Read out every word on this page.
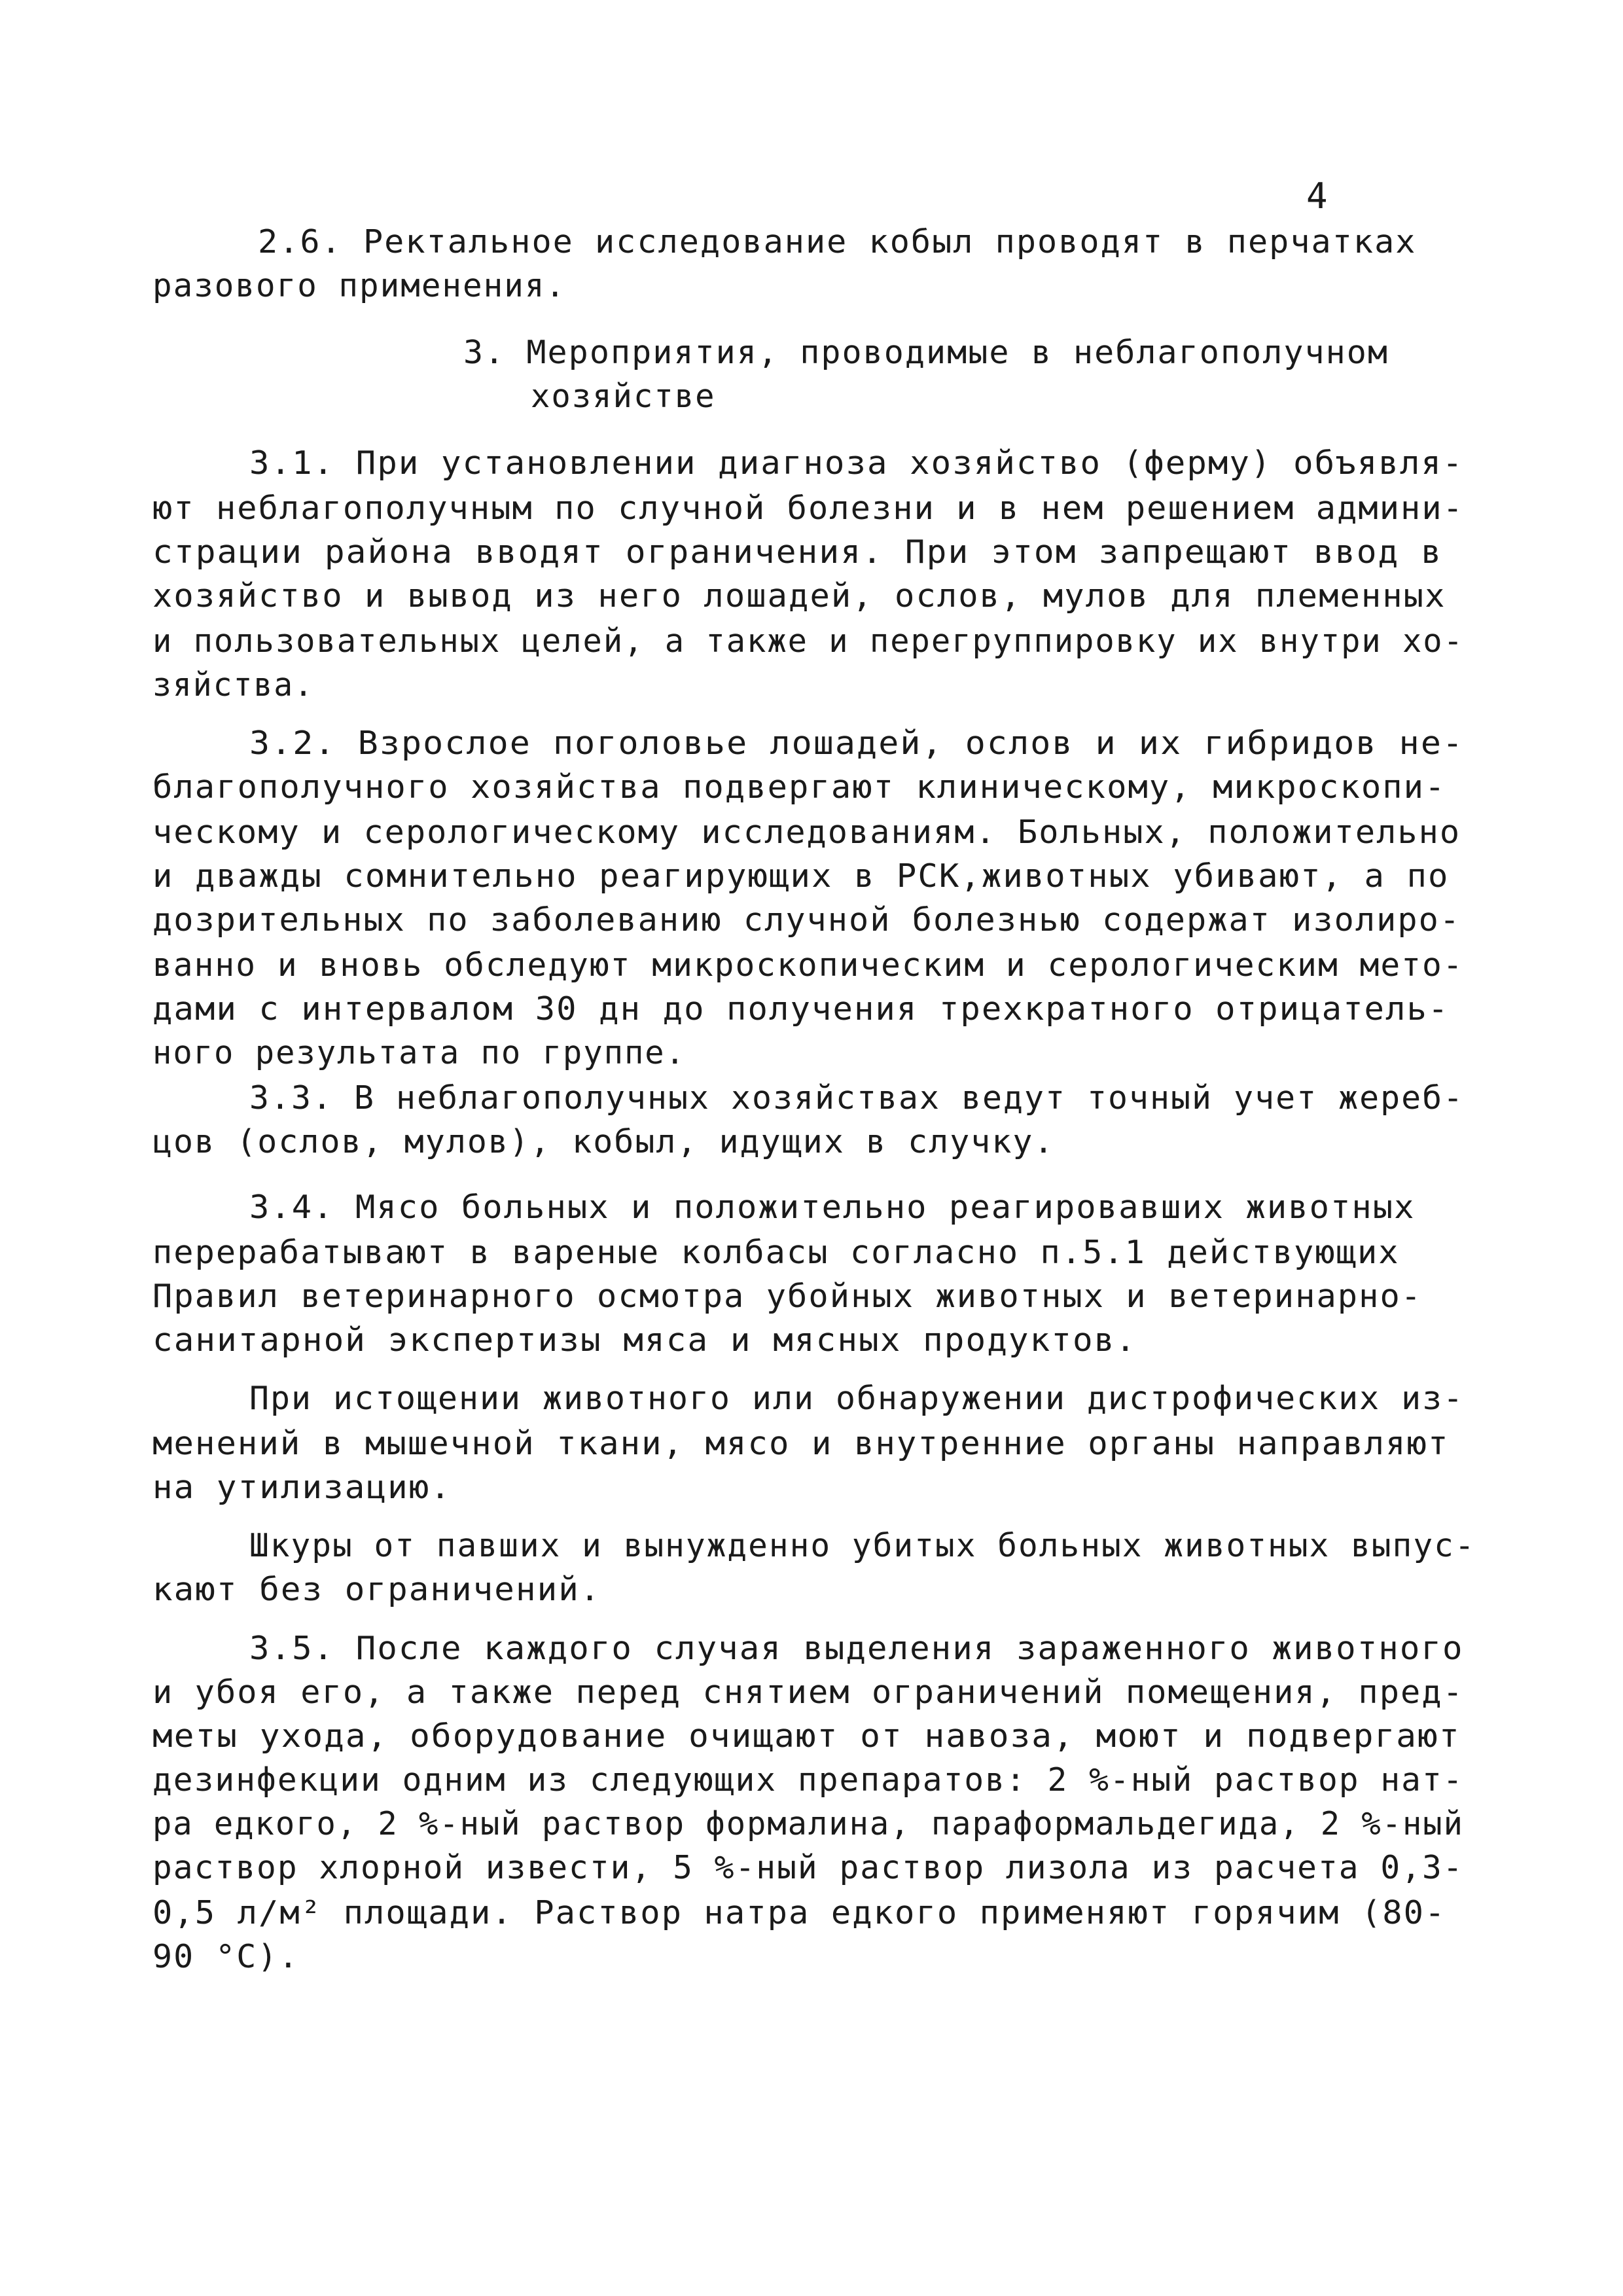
4
2.6. Ректальное исследование кобыл проводят в перчатках
разового применения.
3. Мероприятия, проводимые в неблагополучном
хозяйстве
3.1. При установлении диагноза хозяйство (ферму) объявля-
ют неблагополучным по случной болезни и в нем решением админи-
страции района вводят ограничения. При этом запрещают ввод в
хозяйство и вывод из него лошадей, ослов, мулов для племенных
и пользовательных целей, а также и перегруппировку их внутри хо-
зяйства.
3.2. Взрослое поголовье лошадей, ослов и их гибридов не-
благополучного хозяйства подвергают клиническому, микроскопи-
ческому и серологическому исследованиям. Больных, положительно
и дважды сомнительно реагирующих в РСК,животных убивают, а по
дозрительных по заболеванию случной болезнью содержат изолиро-
ванно и вновь обследуют микроскопическим и серологическим мето-
дами с интервалом 30 дн до получения трехкратного отрицатель-
ного результата по группе.
3.3. В неблагополучных хозяйствах ведут точный учет жереб-
цов (ослов, мулов), кобыл, идущих в случку.
3.4. Мясо больных и положительно реагировавших животных
перерабатывают в вареные колбасы согласно п.5.1 действующих
Правил ветеринарного осмотра убойных животных и ветеринарно-
санитарной экспертизы мяса и мясных продуктов.
При истощении животного или обнаружении дистрофических из-
менений в мышечной ткани, мясо и внутренние органы направляют
на утилизацию.
Шкуры от павших и вынужденно убитых больных животных выпус-
кают без ограничений.
3.5. После каждого случая выделения зараженного животного
и убоя его, а также перед снятием ограничений помещения, пред-
меты ухода, оборудование очищают от навоза, моют и подвергают
дезинфекции одним из следующих препаратов: 2 %-ный раствор нат-
ра едкого, 2 %-ный раствор формалина, параформальдегида, 2 %-ный
раствор хлорной извести, 5 %-ный раствор лизола из расчета 0,3-
0,5 л/м² площади. Раствор натра едкого применяют горячим (80-
90 °С).
